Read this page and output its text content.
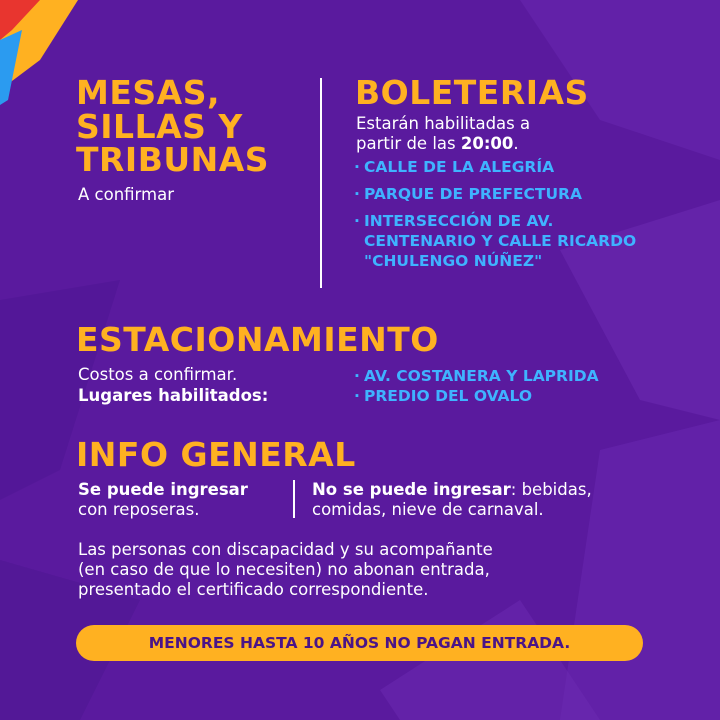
MESAS,
SILLAS Y
TRIBUNAS
A confirmar
BOLETERIAS
Estarán habilitadas a
partir de las 20:00.
· CALLE DE LA ALEGRÍA
· PARQUE DE PREFECTURA
· INTERSECCIÓN DE AV. CENTENARIO Y CALLE RICARDO "CHULENGO NÚÑEZ"
ESTACIONAMIENTO
Costos a confirmar.
Lugares habilitados:
· AV. COSTANERA Y LAPRIDA
· PREDIO DEL OVALO
INFO GENERAL
Se puede ingresar
con reposeras.
No se puede ingresar: bebidas,
comidas, nieve de carnaval.
Las personas con discapacidad y su acompañante
(en caso de que lo necesiten) no abonan entrada,
presentado el certificado correspondiente.
MENORES HASTA 10 AÑOS NO PAGAN ENTRADA.
